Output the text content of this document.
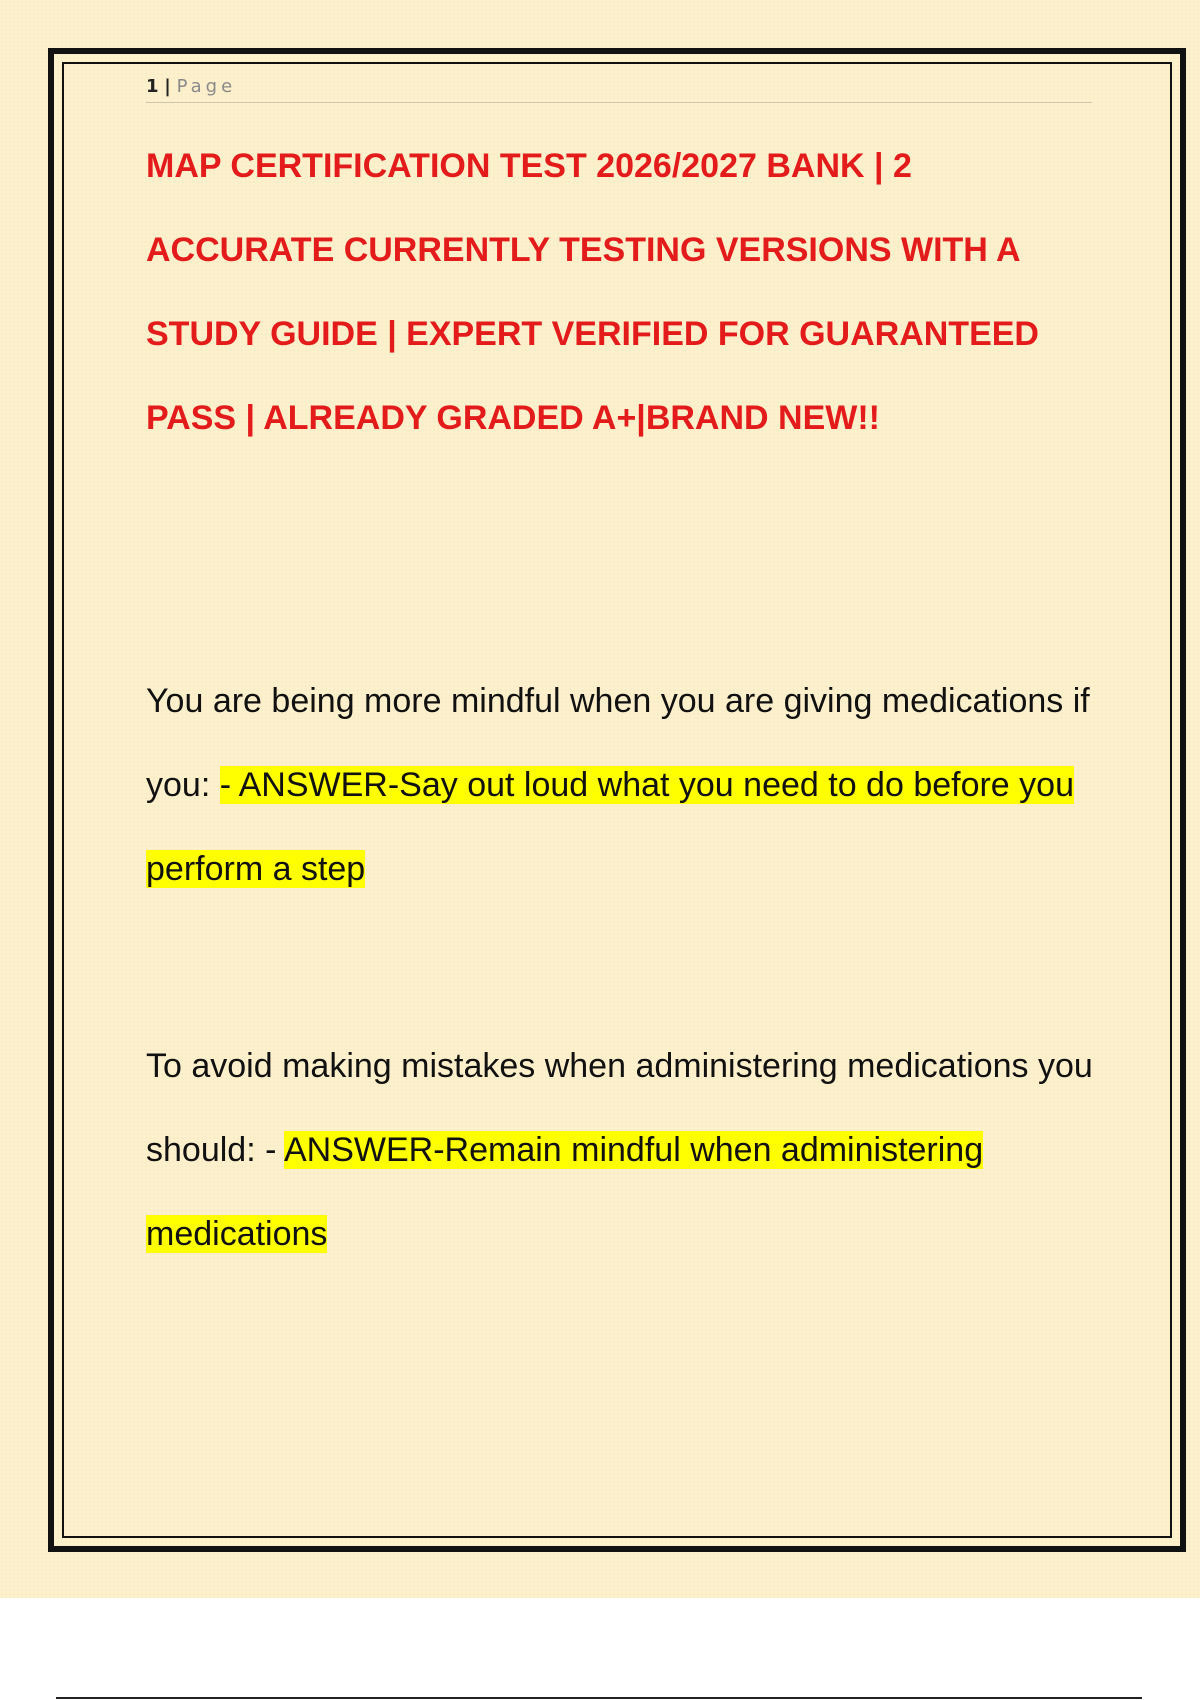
1 | Page
MAP CERTIFICATION TEST 2026/2027 BANK | 2 ACCURATE CURRENTLY TESTING VERSIONS WITH A STUDY GUIDE | EXPERT VERIFIED FOR GUARANTEED PASS | ALREADY GRADED A+|BRAND NEW!!

You are being more mindful when you are giving medications if you: - ANSWER-Say out loud what you need to do before you perform a step

To avoid making mistakes when administering medications you should: - ANSWER-Remain mindful when administering medications
